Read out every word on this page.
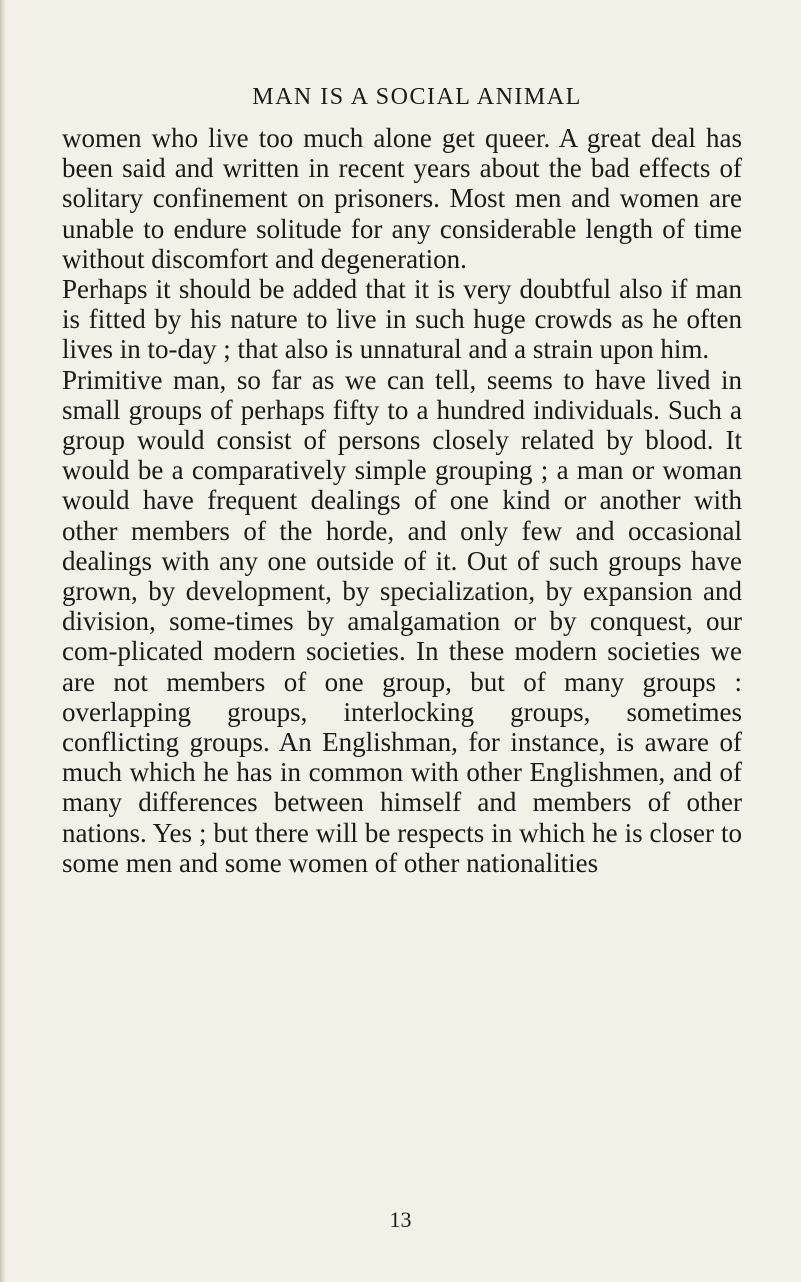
MAN IS A SOCIAL ANIMAL

women who live too much alone get queer. A great deal has been said and written in recent years about the bad effects of solitary confinement on prisoners. Most men and women are unable to endure solitude for any considerable length of time without discomfort and degeneration.

Perhaps it should be added that it is very doubtful also if man is fitted by his nature to live in such huge crowds as he often lives in to-day ; that also is unnatural and a strain upon him.

Primitive man, so far as we can tell, seems to have lived in small groups of perhaps fifty to a hundred individuals. Such a group would consist of persons closely related by blood. It would be a comparatively simple grouping ; a man or woman would have frequent dealings of one kind or another with other members of the horde, and only few and occasional dealings with any one outside of it. Out of such groups have grown, by development, by specialization, by expansion and division, some-times by amalgamation or by conquest, our com-plicated modern societies. In these modern societies we are not members of one group, but of many groups : overlapping groups, interlocking groups, sometimes conflicting groups. An Englishman, for instance, is aware of much which he has in common with other Englishmen, and of many differences between himself and members of other nations. Yes ; but there will be respects in which he is closer to some men and some women of other nationalities

13
